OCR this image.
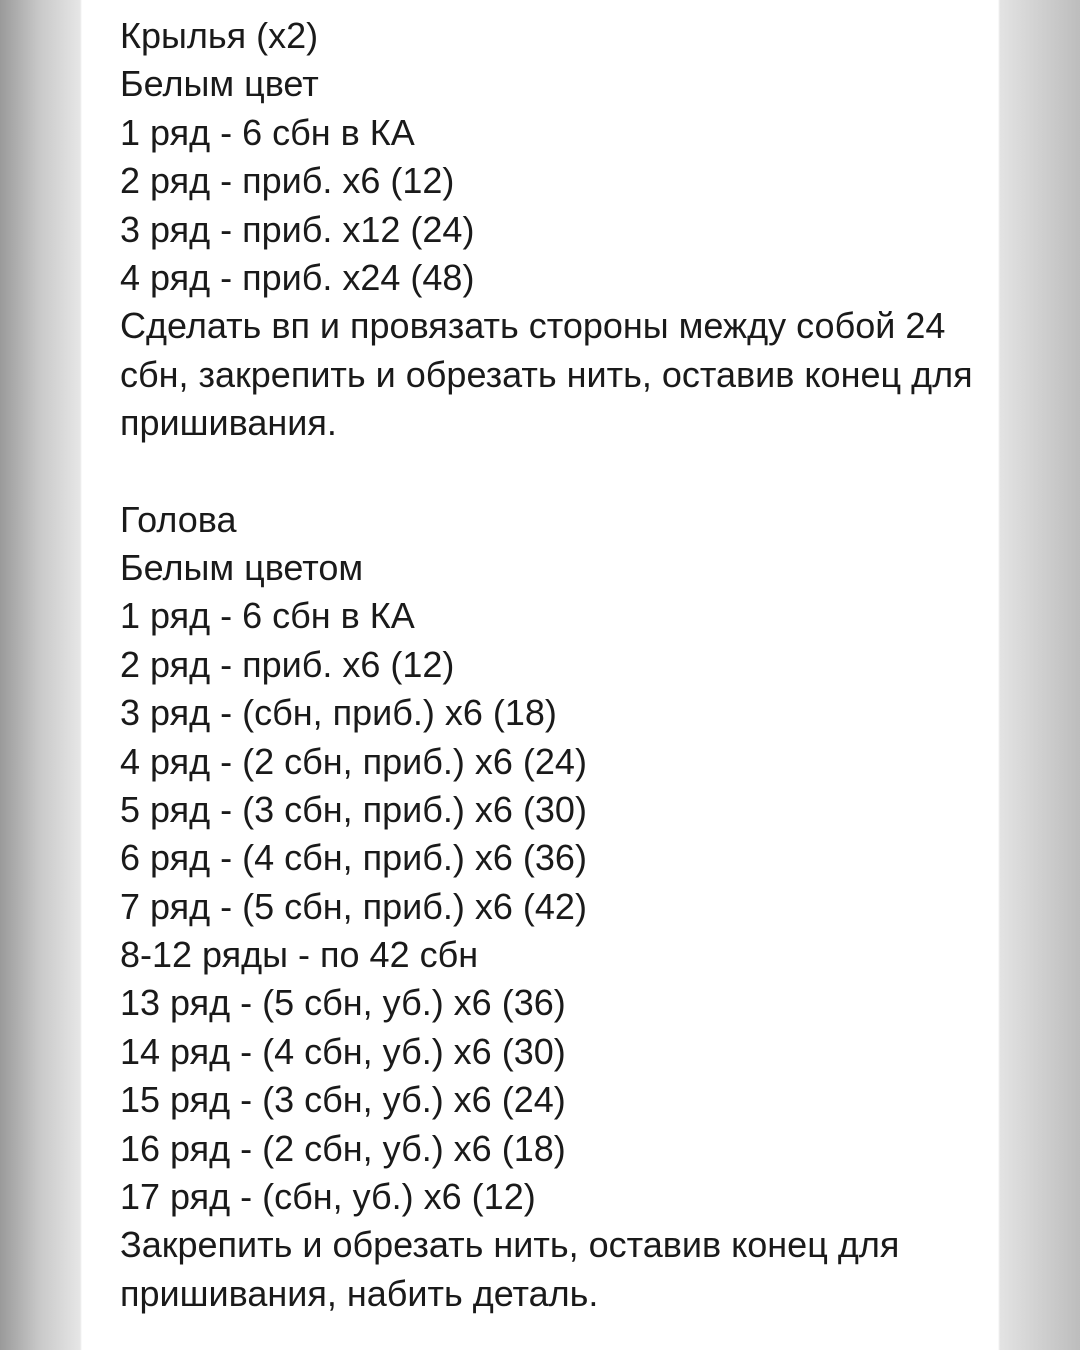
Крылья (x2)
Белым цвет
1 ряд - 6 сбн в КА
2 ряд - приб. х6 (12)
3 ряд - приб. х12 (24)
4 ряд - приб. х24 (48)
Сделать вп и провязать стороны между собой 24 сбн, закрепить и обрезать нить, оставив конец для пришивания.
Голова
Белым цветом
1 ряд - 6 сбн в КА
2 ряд - приб. х6 (12)
3 ряд - (сбн, приб.) х6 (18)
4 ряд - (2 сбн, приб.) х6 (24)
5 ряд - (3 сбн, приб.) х6 (30)
6 ряд - (4 сбн, приб.) х6 (36)
7 ряд - (5 сбн, приб.) х6 (42)
8-12 ряды - по 42 сбн
13 ряд - (5 сбн, уб.) х6 (36)
14 ряд - (4 сбн, уб.) х6 (30)
15 ряд - (3 сбн, уб.) х6 (24)
16 ряд - (2 сбн, уб.) х6 (18)
17 ряд - (сбн, уб.) х6 (12)
Закрепить и обрезать нить, оставив конец для пришивания, набить деталь.
